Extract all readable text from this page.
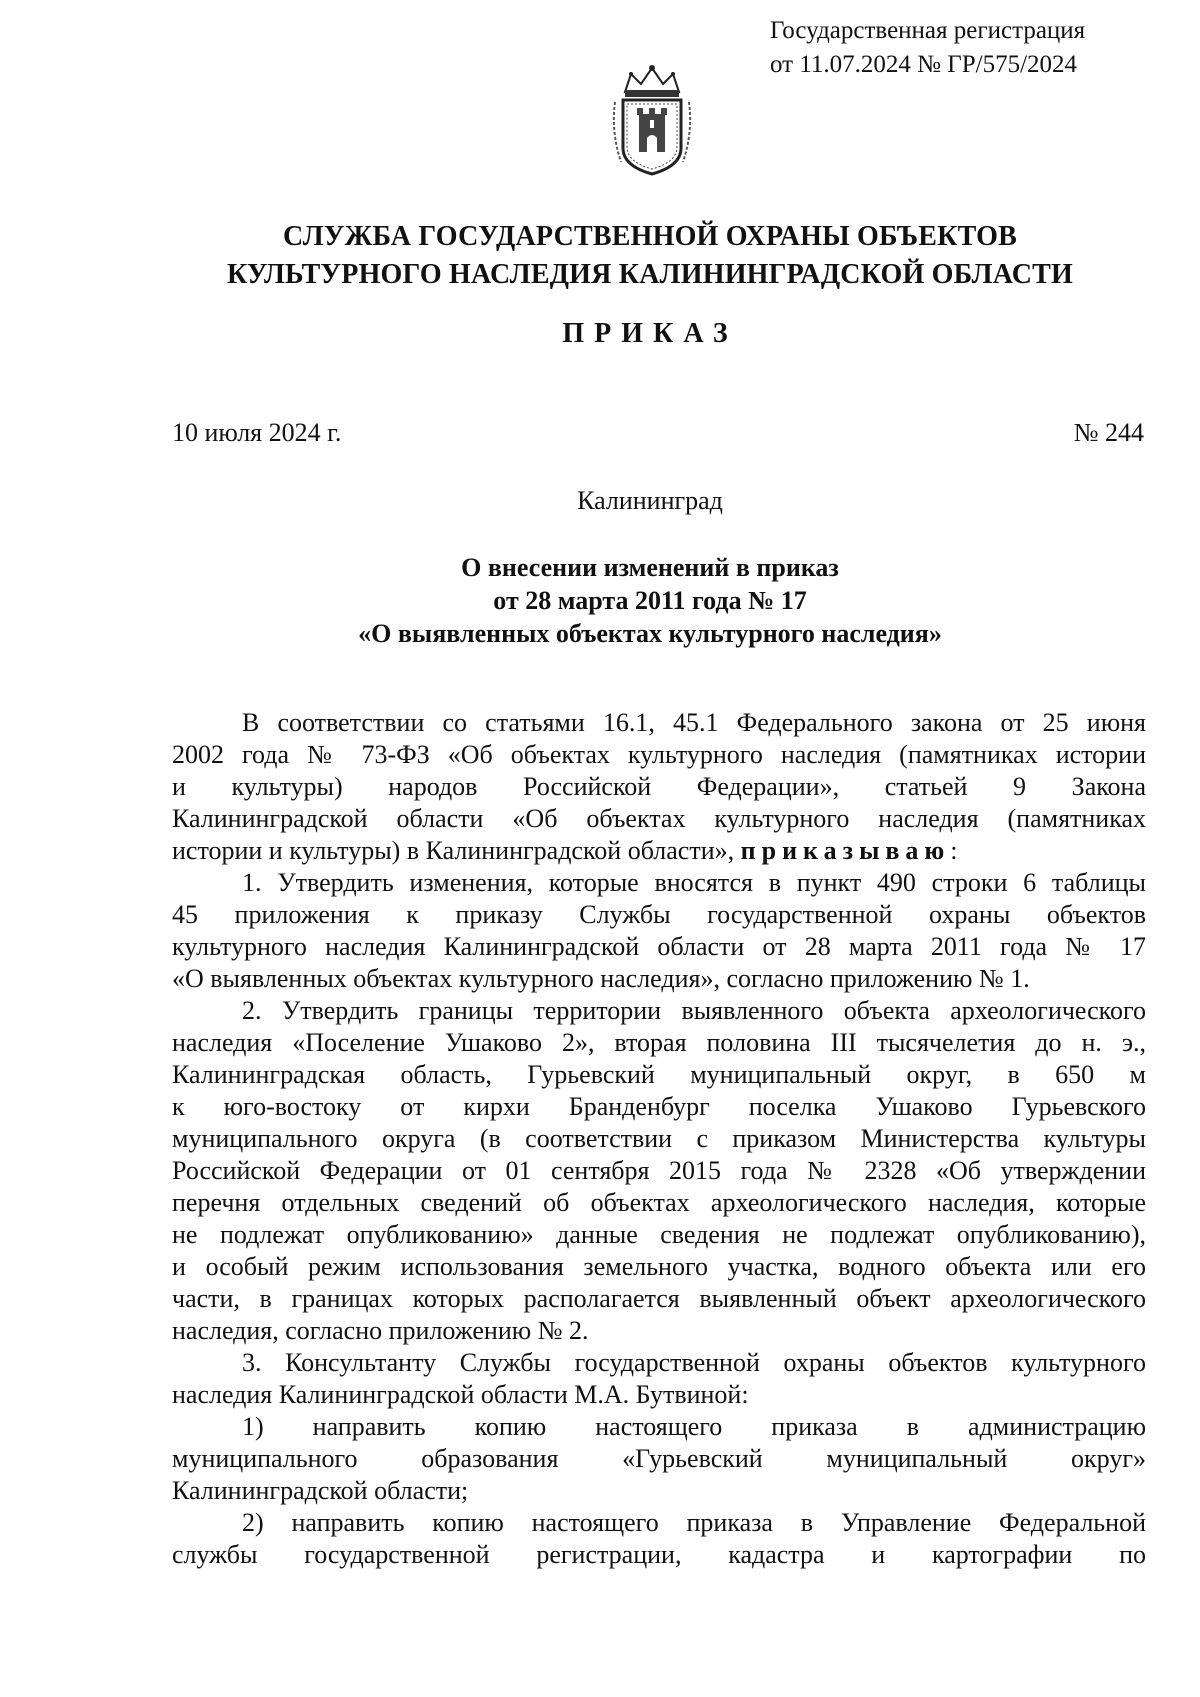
Государственная регистрация
от 11.07.2024 № ГР/575/2024
СЛУЖБА ГОСУДАРСТВЕННОЙ ОХРАНЫ ОБЪЕКТОВ
КУЛЬТУРНОГО НАСЛЕДИЯ КАЛИНИНГРАДСКОЙ ОБЛАСТИ
ПРИКАЗ
10 июля 2024 г.	№ 244
Калининград
О внесении изменений в приказ
от 28 марта 2011 года № 17
«О выявленных объектах культурного наследия»
В соответствии со статьями 16.1, 45.1 Федерального закона от 25 июня
2002 года № 73-ФЗ «Об объектах культурного наследия (памятниках истории
и культуры) народов Российской Федерации», статьей 9 Закона
Калининградской области «Об объектах культурного наследия (памятниках
истории и культуры) в Калининградской области», приказываю:
1. Утвердить изменения, которые вносятся в пункт 490 строки 6 таблицы
45 приложения к приказу Службы государственной охраны объектов
культурного наследия Калининградской области от 28 марта 2011 года № 17
«О выявленных объектах культурного наследия», согласно приложению № 1.
2. Утвердить границы территории выявленного объекта археологического
наследия «Поселение Ушаково 2», вторая половина III тысячелетия до н. э.,
Калининградская область, Гурьевский муниципальный округ, в 650 м
к юго-востоку от кирхи Бранденбург поселка Ушаково Гурьевского
муниципального округа (в соответствии с приказом Министерства культуры
Российской Федерации от 01 сентября 2015 года № 2328 «Об утверждении
перечня отдельных сведений об объектах археологического наследия, которые
не подлежат опубликованию» данные сведения не подлежат опубликованию),
и особый режим использования земельного участка, водного объекта или его
части, в границах которых располагается выявленный объект археологического
наследия, согласно приложению № 2.
3. Консультанту Службы государственной охраны объектов культурного
наследия Калининградской области М.А. Бутвиной:
1) направить копию настоящего приказа в администрацию
муниципального образования «Гурьевский муниципальный округ»
Калининградской области;
2) направить копию настоящего приказа в Управление Федеральной
службы государственной регистрации, кадастра и картографии по
